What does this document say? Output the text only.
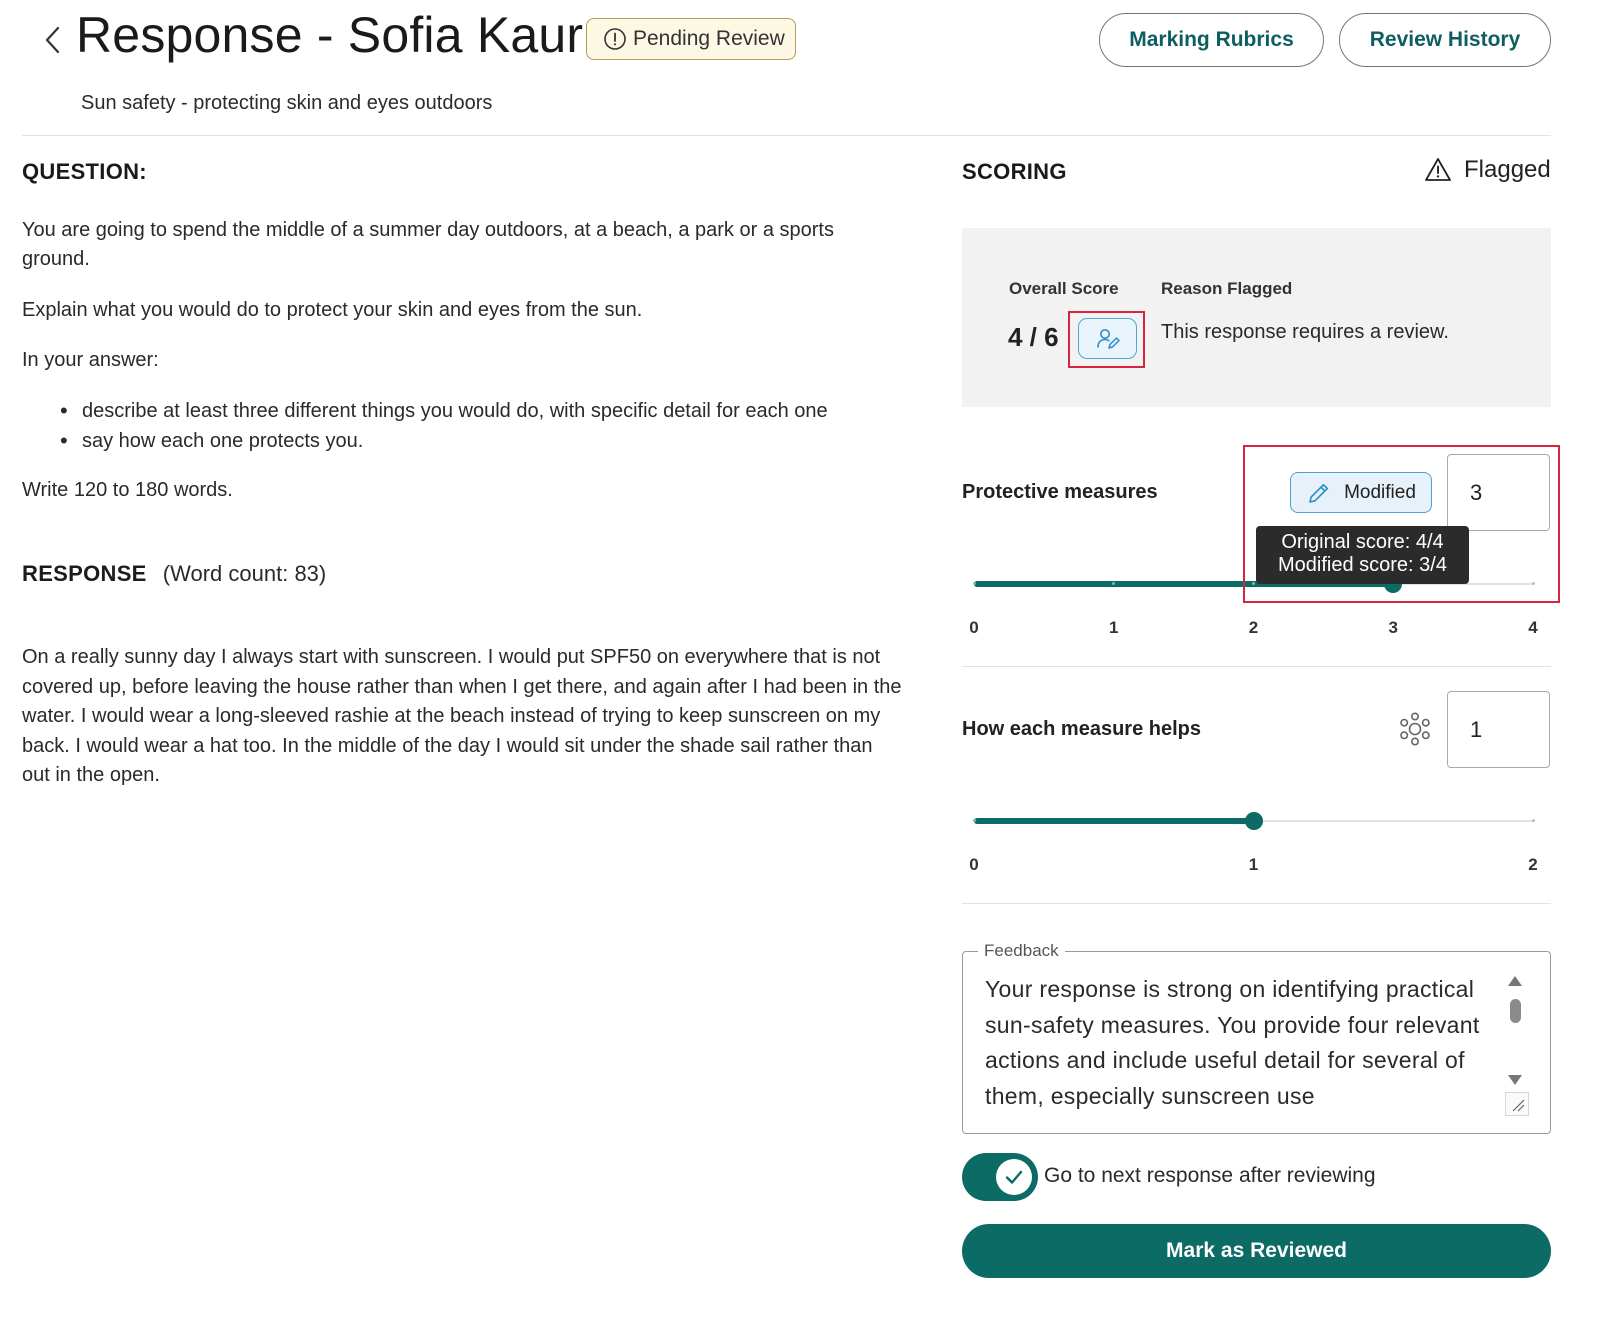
Response - Sofia Kaur Pending Review	Marking Rubrics	Review History
Sun safety - protecting skin and eyes outdoors
QUESTION:

You are going to spend the middle of a summer day outdoors, at a beach, a park or a sports ground.

Explain what you would do to protect your skin and eyes from the sun.

In your answer:

• describe at least three different things you would do, with specific detail for each one
• say how each one protects you.

Write 120 to 180 words.

RESPONSE (Word count: 83)

On a really sunny day I always start with sunscreen. I would put SPF50 on everywhere that is not covered up, before leaving the house rather than when I get there, and again after I had been in the water. I would wear a long-sleeved rashie at the beach instead of trying to keep sunscreen on my back. I would wear a hat too. In the middle of the day I would sit under the shade sail rather than out in the open.

SCORING	Flagged
Overall Score
4 / 6
Reason Flagged
This response requires a review.
Protective measures	Modified	3
0	1	2	3	4
Original score: 4/4
Modified score: 3/4
How each measure helps	1
0	1	2
Feedback
Your response is strong on identifying practical sun-safety measures. You provide four relevant actions and include useful detail for several of them, especially sunscreen use
Go to next response after reviewing
Mark as Reviewed
